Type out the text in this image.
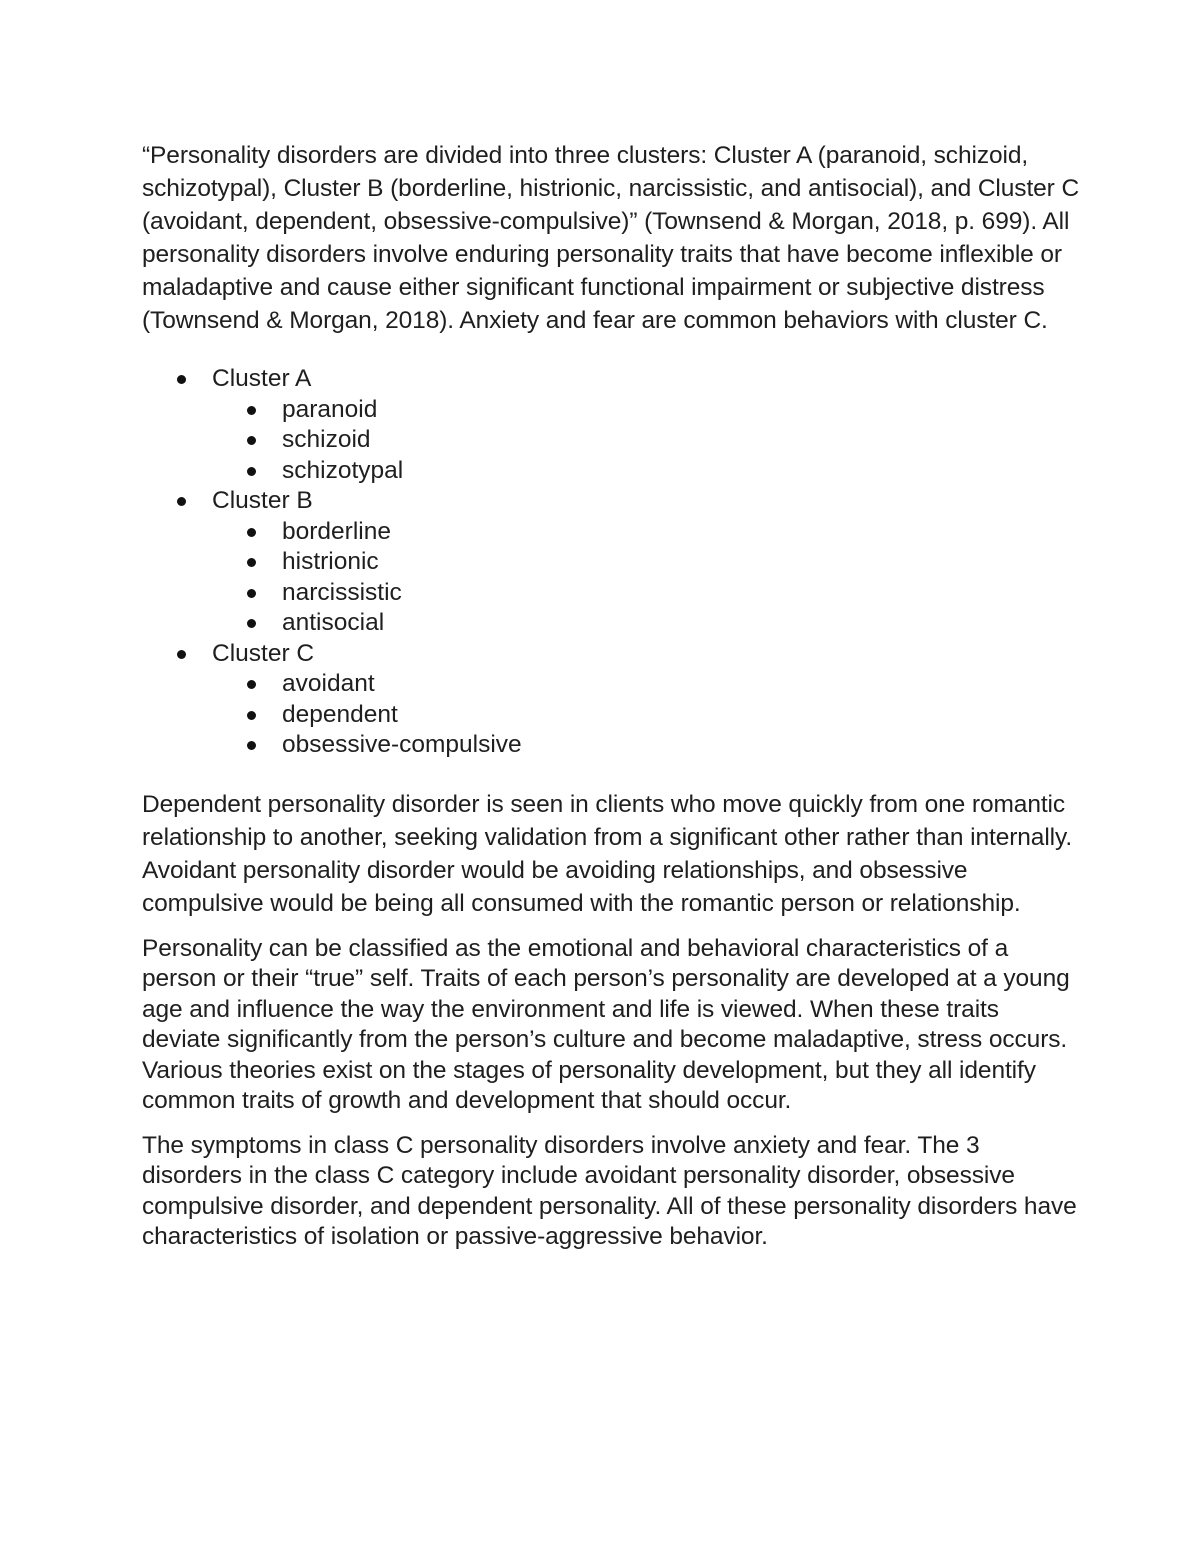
“Personality disorders are divided into three clusters: Cluster A (paranoid, schizoid, schizotypal), Cluster B (borderline, histrionic, narcissistic, and antisocial), and Cluster C (avoidant, dependent, obsessive-compulsive)” (Townsend & Morgan, 2018, p. 699). All personality disorders involve enduring personality traits that have become inflexible or maladaptive and cause either significant functional impairment or subjective distress (Townsend & Morgan, 2018). Anxiety and fear are common behaviors with cluster C.

Cluster A
paranoid
schizoid
schizotypal
Cluster B
borderline
histrionic
narcissistic
antisocial
Cluster C
avoidant
dependent
obsessive-compulsive

Dependent personality disorder is seen in clients who move quickly from one romantic relationship to another, seeking validation from a significant other rather than internally. Avoidant personality disorder would be avoiding relationships, and obsessive compulsive would be being all consumed with the romantic person or relationship.

Personality can be classified as the emotional and behavioral characteristics of a person or their “true” self. Traits of each person’s personality are developed at a young age and influence the way the environment and life is viewed. When these traits deviate significantly from the person’s culture and become maladaptive, stress occurs. Various theories exist on the stages of personality development, but they all identify common traits of growth and development that should occur.

The symptoms in class C personality disorders involve anxiety and fear. The 3 disorders in the class C category include avoidant personality disorder, obsessive compulsive disorder, and dependent personality. All of these personality disorders have characteristics of isolation or passive-aggressive behavior.
